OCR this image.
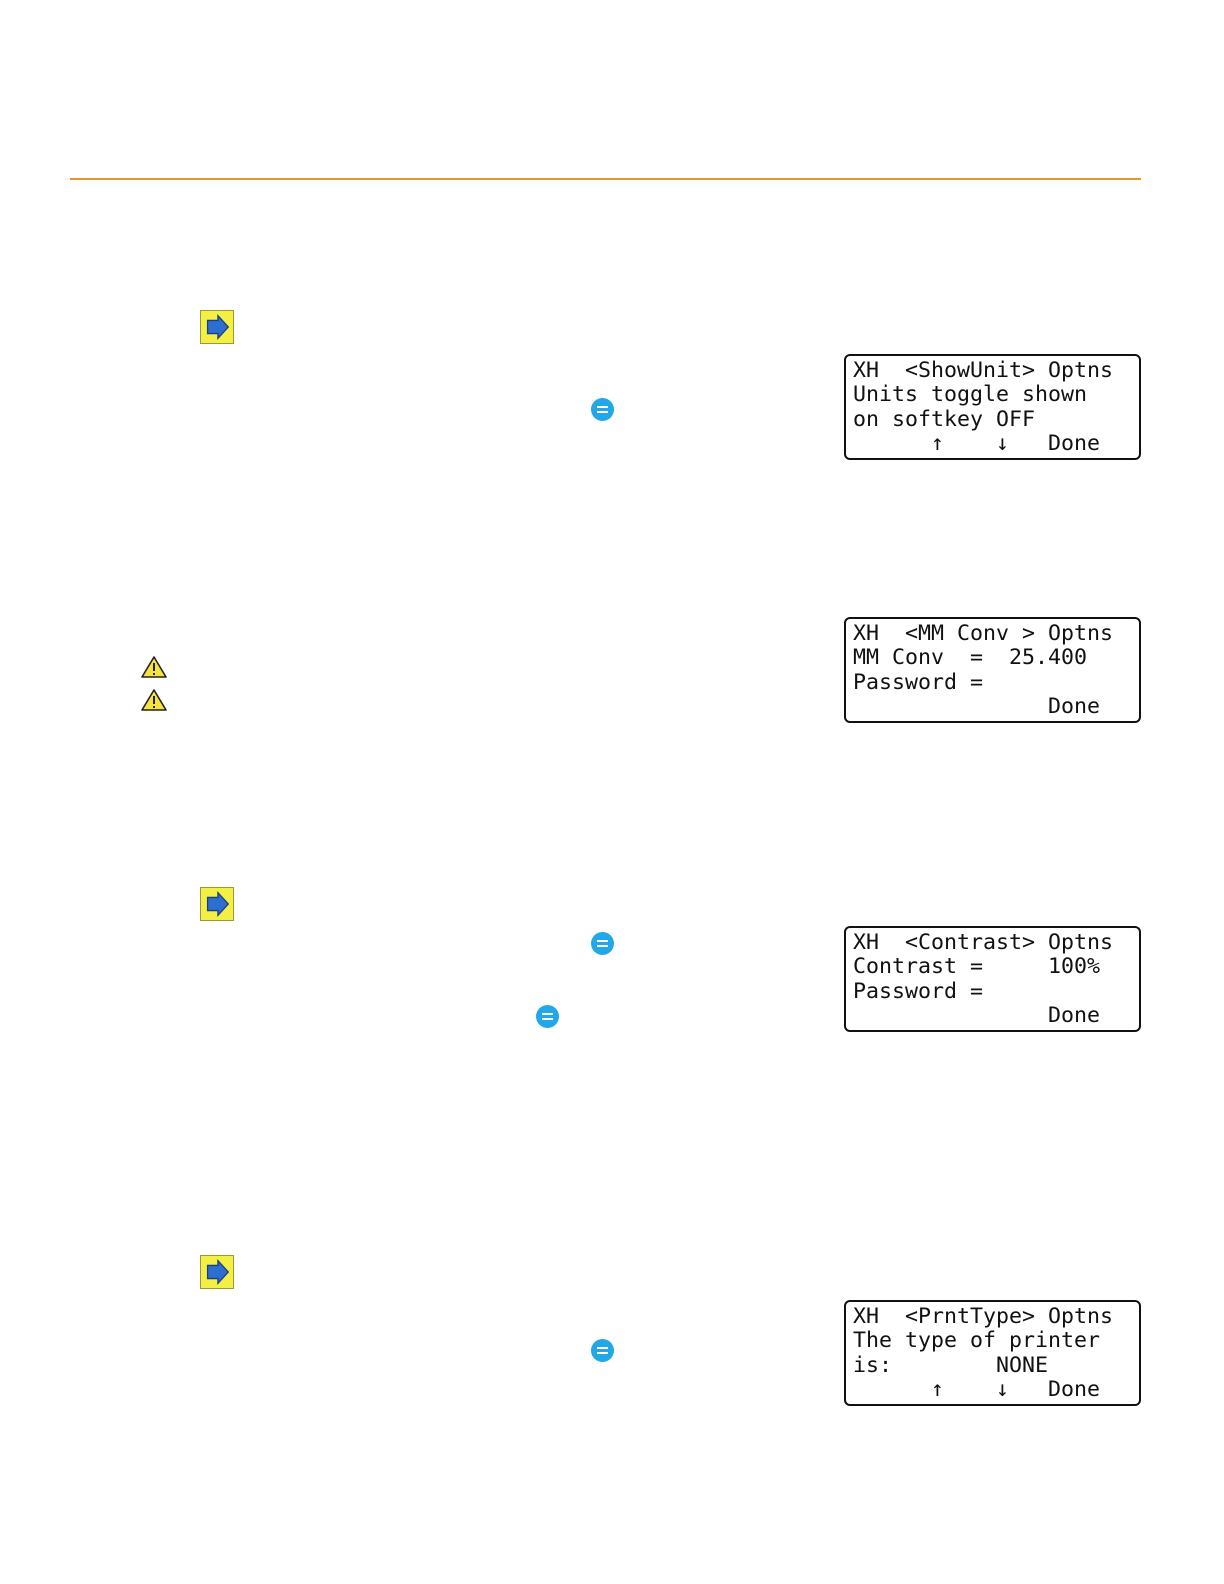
XH  <ShowUnit> Optns
Units toggle shown
on softkey OFF
↑    ↓   Done
XH  <MM Conv > Optns
MM Conv  =  25.400
Password =
Done
XH  <Contrast> Optns
Contrast =     100%
Password =
Done
XH  <PrntType> Optns
The type of printer
is:        NONE
↑    ↓   Done
